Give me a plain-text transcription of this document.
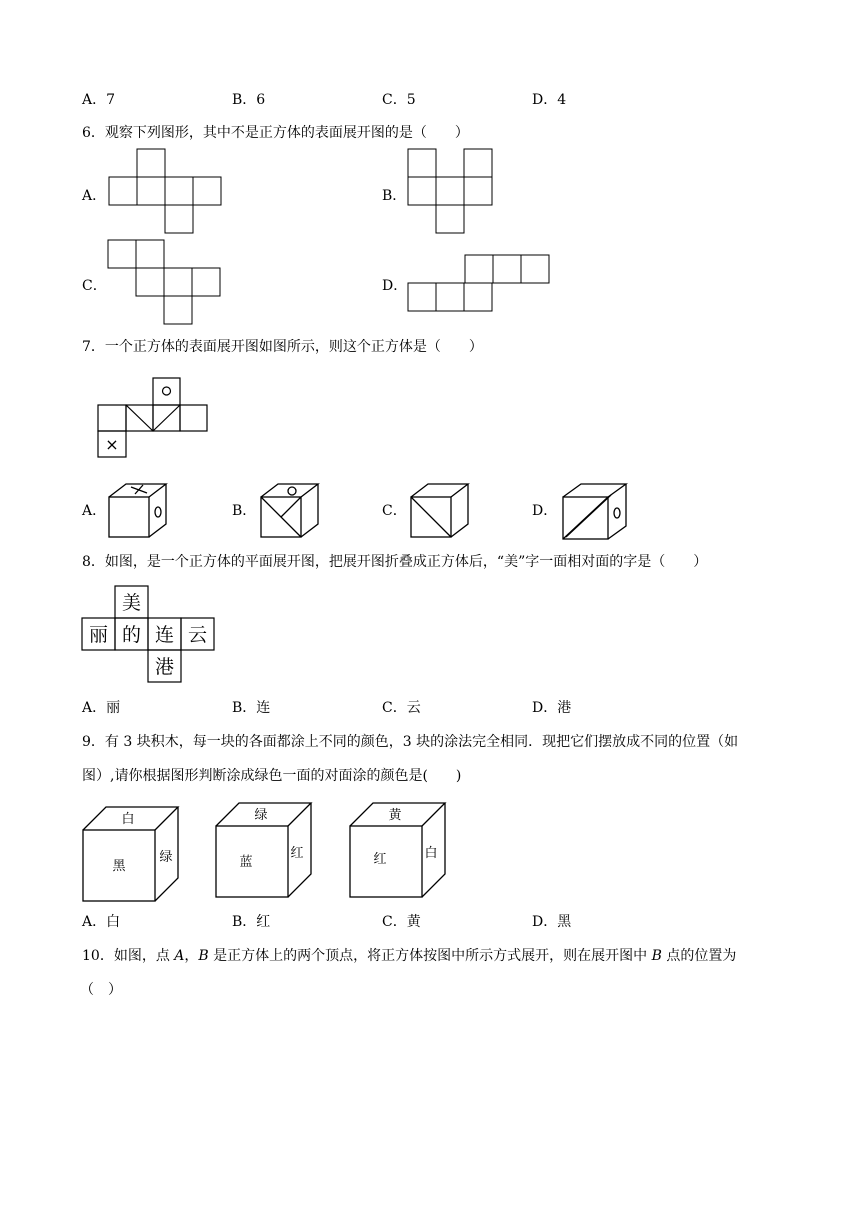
A．7	B．6	C．5	D．4
6．观察下列图形，其中不是正方体的表面展开图的是（　　）
A．	B．
C．	D．
7．一个正方体的表面展开图如图所示，则这个正方体是（　　）
×
A．	B．	C．	D．
8．如图，是一个正方体的平面展开图，把展开图折叠成正方体后，“美”字一面相对面的字是（　　）
美
丽 的 连 云
港
A．丽	B．连	C．云	D．港
9．有 3 块积木，每一块的各面都涂上不同的颜色，3 块的涂法完全相同．现把它们摆放成不同的位置（如
图）,请你根据图形判断涂成绿色一面的对面涂的颜色是(　　)
白
黑
绿
绿
蓝
红
黄
红	白
A．白	B．红	C．黄	D．黑
10．如图，点 A，B 是正方体上的两个顶点，将正方体按图中所示方式展开，则在展开图中 B 点的位置为
（　）
